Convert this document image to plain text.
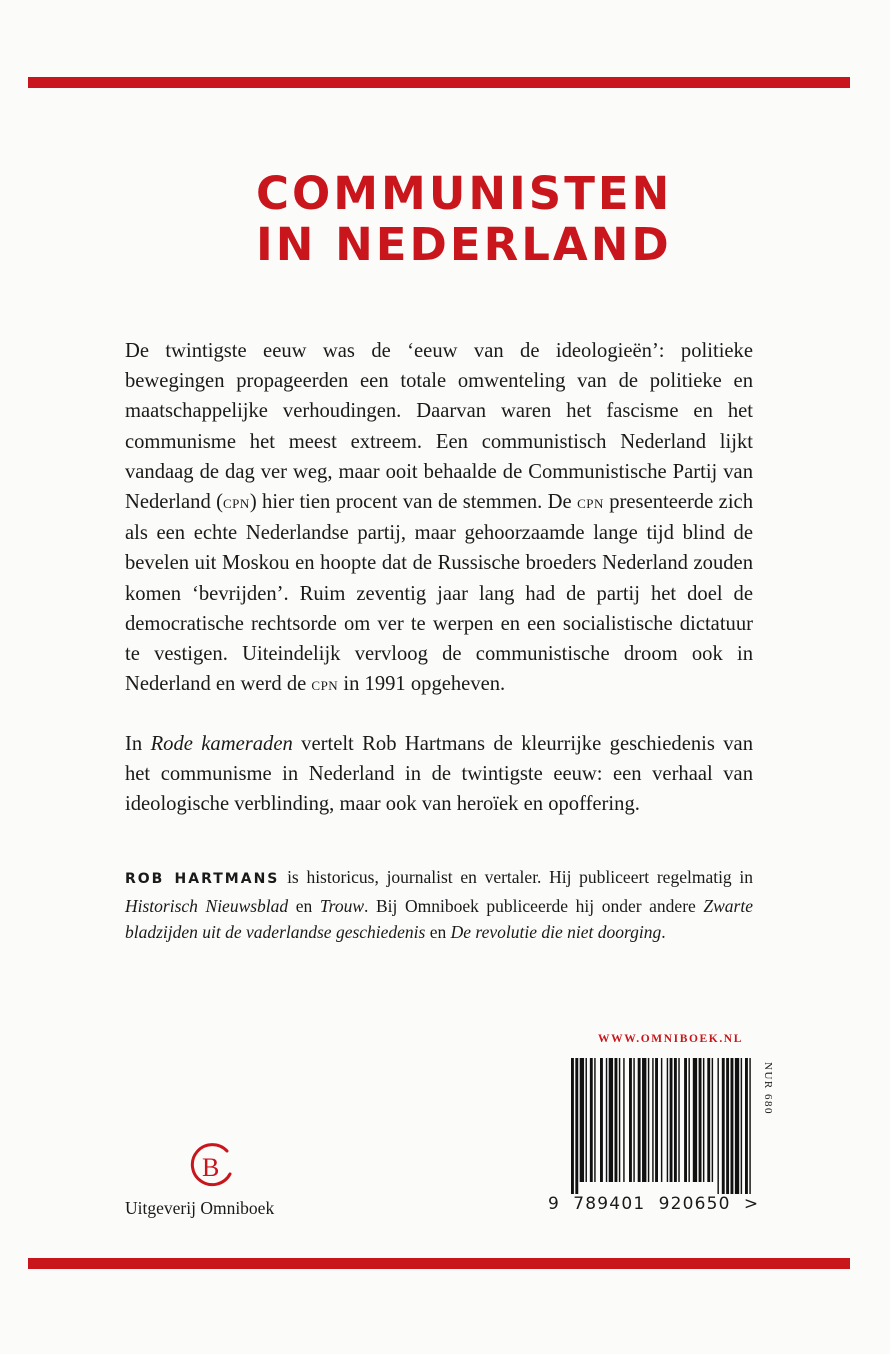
COMMUNISTEN
IN NEDERLAND

De twintigste eeuw was de ‘eeuw van de ideologieën’: politieke bewegingen propageerden een totale omwenteling van de politieke en maatschappelijke verhoudingen. Daarvan waren het fascisme en het communisme het meest extreem. Een communistisch Nederland lijkt vandaag de dag ver weg, maar ooit behaalde de Communistische Partij van Nederland (cpn) hier tien procent van de stemmen. De cpn presenteerde zich als een echte Nederlandse partij, maar gehoorzaamde lange tijd blind de bevelen uit Moskou en hoopte dat de Russische broeders Nederland zouden komen ‘bevrijden’. Ruim zeventig jaar lang had de partij het doel de democratische rechtsorde om ver te werpen en een socialistische dictatuur te vestigen. Uiteindelijk vervloog de communistische droom ook in Nederland en werd de cpn in 1991 opgeheven.

In Rode kameraden vertelt Rob Hartmans de kleurrijke geschiedenis van het communisme in Nederland in de twintigste eeuw: een verhaal van ideologische verblinding, maar ook van heroïek en opoffering.

ROB HARTMANS is historicus, journalist en vertaler. Hij publiceert regelmatig in Historisch Nieuwsblad en Trouw. Bij Omniboek publiceerde hij onder andere Zwarte bladzijden uit de vaderlandse geschiedenis en De revolutie die niet doorging.

WWW.OMNIBOEK.NL

NUR 680

9 789401 920650 >

B

Uitgeverij Omniboek
